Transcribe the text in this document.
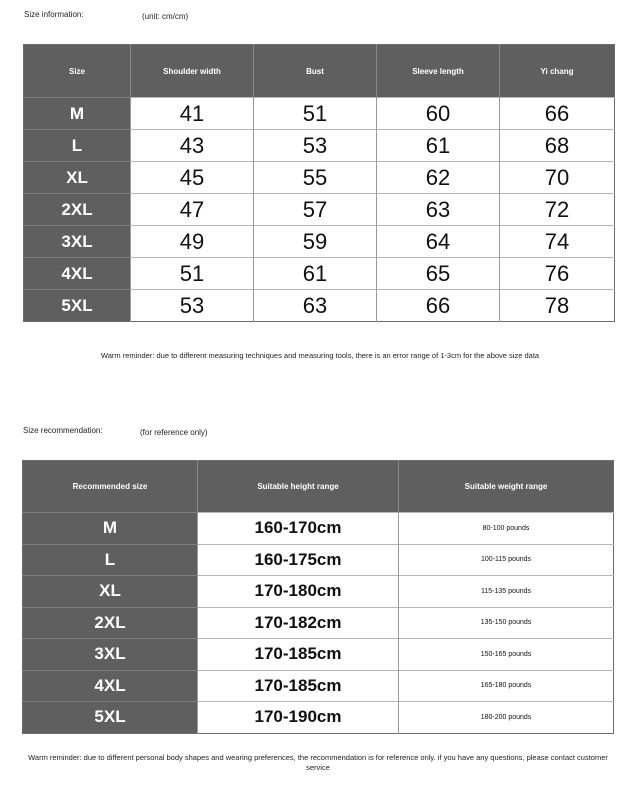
Size information:	(unit: cm/cm)
Size	Shoulder width	Bust	Sleeve length	Yi chang
M	41	51	60	66
L	43	53	61	68
XL	45	55	62	70
2XL	47	57	63	72
3XL	49	59	64	74
4XL	51	61	65	76
5XL	53	63	66	78
Warm reminder: due to different measuring techniques and measuring tools, there is an error range of 1-3cm for the above size data
Size recommendation:	(for reference only)
Recommended size	Suitable height range	Suitable weight range
M	160-170cm	80-100 pounds
L	160-175cm	100-115 pounds
XL	170-180cm	115-135 pounds
2XL	170-182cm	135-150 pounds
3XL	170-185cm	150-165 pounds
4XL	170-185cm	165-180 pounds
5XL	170-190cm	180-200 pounds
Warm reminder: due to different personal body shapes and wearing preferences, the recommendation is for reference only. if you have any questions, please contact customer service
